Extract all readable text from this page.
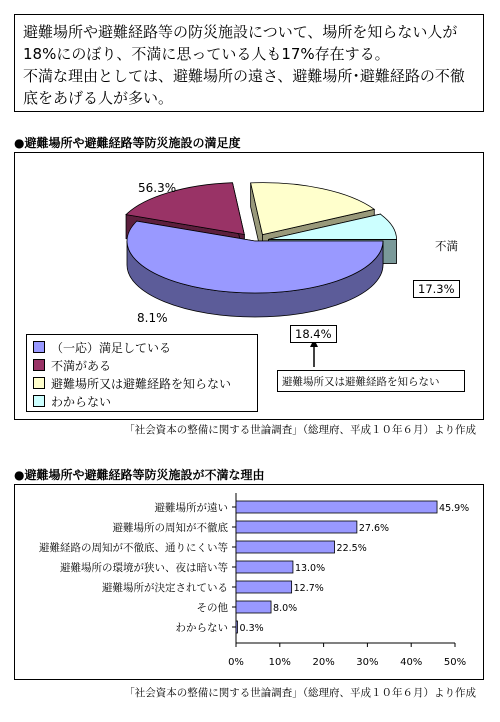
避難場所や避難経路等の防災施設について、場所を知らない人が18%にのぼり、不満に思っている人も17%存在する。

不満な理由としては、避難場所の遠さ、避難場所･避難経路の不徹底をあげる人が多い。

●避難場所や避難経路等防災施設の満足度
（一応）満足している
不満がある
避難場所又は避難経路を知らない
わからない
56.3%
不満
17.3%
18.4%
避難場所又は避難経路を知らない
8.1%
「社会資本の整備に関する世論調査」（総理府、平成１０年６月）より作成
●避難場所や避難経路等防災施設が不満な理由
0% 10% 20% 30% 40% 50%
避難場所が遠い	45.9%
避難場所の周知が不徹底	27.6%
避難経路の周知が不徹底、通りにくい等	22.5%
避難場所の環境が狭い、夜は暗い等	13.0%
避難場所が決定されている	12.7%
その他	8.0%
わからない 0.3%
「社会資本の整備に関する世論調査」（総理府、平成１０年６月）より作成
